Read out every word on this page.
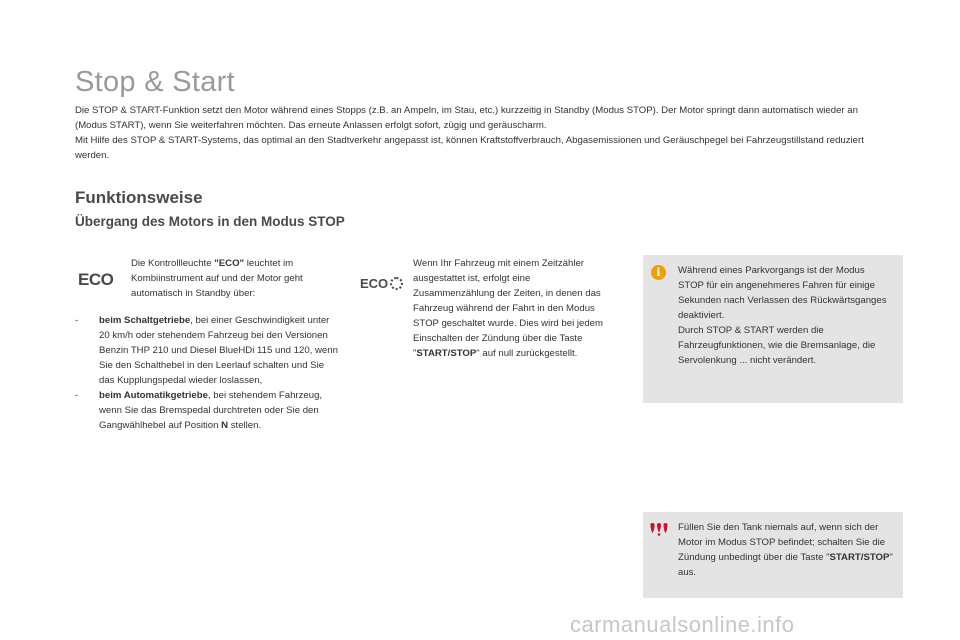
Stop & Start

Die STOP & START-Funktion setzt den Motor während eines Stopps (z.B. an Ampeln, im Stau, etc.) kurzzeitig in Standby (Modus STOP). Der Motor springt dann automatisch wieder an (Modus START), wenn Sie weiterfahren möchten. Das erneute Anlassen erfolgt sofort, zügig und geräuscharm.

Mit Hilfe des STOP & START-Systems, das optimal an den Stadtverkehr angepasst ist, können Kraftstoffverbrauch, Abgasemissionen und Geräuschpegel bei Fahrzeugstillstand reduziert werden.

Funktionsweise
Übergang des Motors in den Modus STOP
ECO
Die Kontrollleuchte "ECO" leuchtet im Kombiinstrument auf und der Motor geht automatisch in Standby über:
- beim Schaltgetriebe, bei einer Geschwindigkeit unter 20 km/h oder stehendem Fahrzeug bei den Versionen Benzin THP 210 und Diesel BlueHDi 115 und 120, wenn Sie den Schalthebel in den Leerlauf schalten und Sie das Kupplungspedal wieder loslassen,
- beim Automatikgetriebe, bei stehendem Fahrzeug, wenn Sie das Bremspedal durchtreten oder Sie den Gangwählhebel auf Position N stellen.
ECO
Wenn Ihr Fahrzeug mit einem Zeitzähler ausgestattet ist, erfolgt eine Zusammenzählung der Zeiten, in denen das Fahrzeug während der Fahrt in den Modus STOP geschaltet wurde. Dies wird bei jedem Einschalten der Zündung über die Taste "START/STOP" auf null zurückgestellt.
i	Während eines Parkvorgangs ist der Modus STOP für ein angenehmeres Fahren für einige Sekunden nach Verlassen des Rückwärtsganges deaktiviert.
Durch STOP & START werden die Fahrzeugfunktionen, wie die Bremsanlage, die Servolenkung ... nicht verändert.
Füllen Sie den Tank niemals auf, wenn sich der Motor im Modus STOP befindet; schalten Sie die Zündung unbedingt über die Taste "START/STOP" aus.
carmanualsonline.info
